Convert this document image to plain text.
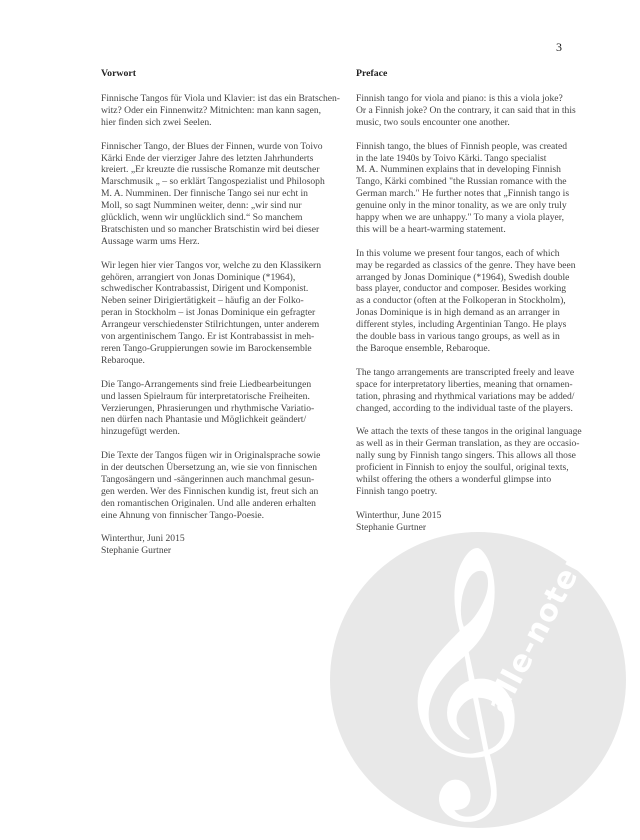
𝄞
alle-noten.de
3
Vorwort
Finnische Tangos für Viola und Klavier: ist das ein Bratschen-
witz? Oder ein Finnenwitz? Mitnichten: man kann sagen,
hier finden sich zwei Seelen.
Finnischer Tango, der Blues der Finnen, wurde von Toivo
Kärki Ende der vierziger Jahre des letzten Jahrhunderts
kreiert. „Er kreuzte die russische Romanze mit deutscher
Marschmusik „ – so erklärt Tangospezialist und Philosoph
M. A. Numminen. Der finnische Tango sei nur echt in
Moll, so sagt Numminen weiter, denn: „wir sind nur
glücklich, wenn wir unglücklich sind.“ So manchem
Bratschisten und so mancher Bratschistin wird bei dieser
Aussage warm ums Herz.
Wir legen hier vier Tangos vor, welche zu den Klassikern
gehören, arrangiert von Jonas Dominique (*1964),
schwedischer Kontrabassist, Dirigent und Komponist.
Neben seiner Dirigiertätigkeit – häufig an der Folko-
peran in Stockholm – ist Jonas Dominique ein gefragter
Arrangeur verschiedenster Stilrichtungen, unter anderem
von argentinischem Tango. Er ist Kontrabassist in meh-
reren Tango-Gruppierungen sowie im Barockensemble
Rebaroque.
Die Tango-Arrangements sind freie Liedbearbeitungen
und lassen Spielraum für interpretatorische Freiheiten.
Verzierungen, Phrasierungen und rhythmische Variatio-
nen dürfen nach Phantasie und Möglichkeit geändert/
hinzugefügt werden.
Die Texte der Tangos fügen wir in Originalsprache sowie
in der deutschen Übersetzung an, wie sie von finnischen
Tangosängern und -sängerinnen auch manchmal gesun-
gen werden. Wer des Finnischen kundig ist, freut sich an
den romantischen Originalen. Und alle anderen erhalten
eine Ahnung von finnischer Tango-Poesie.
Winterthur, Juni 2015
Stephanie Gurtner
Preface
Finnish tango for viola and piano: is this a viola joke?
Or a Finnish joke? On the contrary, it can said that in this
music, two souls encounter one another.
Finnish tango, the blues of Finnish people, was created
in the late 1940s by Toivo Kärki. Tango specialist
M. A. Numminen explains that in developing Finnish
Tango, Kärki combined "the Russian romance with the
German march." He further notes that „Finnish tango is
genuine only in the minor tonality, as we are only truly
happy when we are unhappy." To many a viola player,
this will be a heart-warming statement.
In this volume we present four tangos, each of which
may be regarded as classics of the genre. They have been
arranged by Jonas Dominique (*1964), Swedish double
bass player, conductor and composer. Besides working
as a conductor (often at the Folkoperan in Stockholm),
Jonas Dominique is in high demand as an arranger in
different styles, including Argentinian Tango. He plays
the double bass in various tango groups, as well as in
the Baroque ensemble, Rebaroque.
The tango arrangements are transcripted freely and leave
space for interpretatory liberties, meaning that ornamen-
tation, phrasing and rhythmical variations may be added/
changed, according to the individual taste of the players.
We attach the texts of these tangos in the original language
as well as in their German translation, as they are occasio-
nally sung by Finnish tango singers. This allows all those
proficient in Finnish to enjoy the soulful, original texts,
whilst offering the others a wonderful glimpse into
Finnish tango poetry.
Winterthur, June 2015
Stephanie Gurtner
